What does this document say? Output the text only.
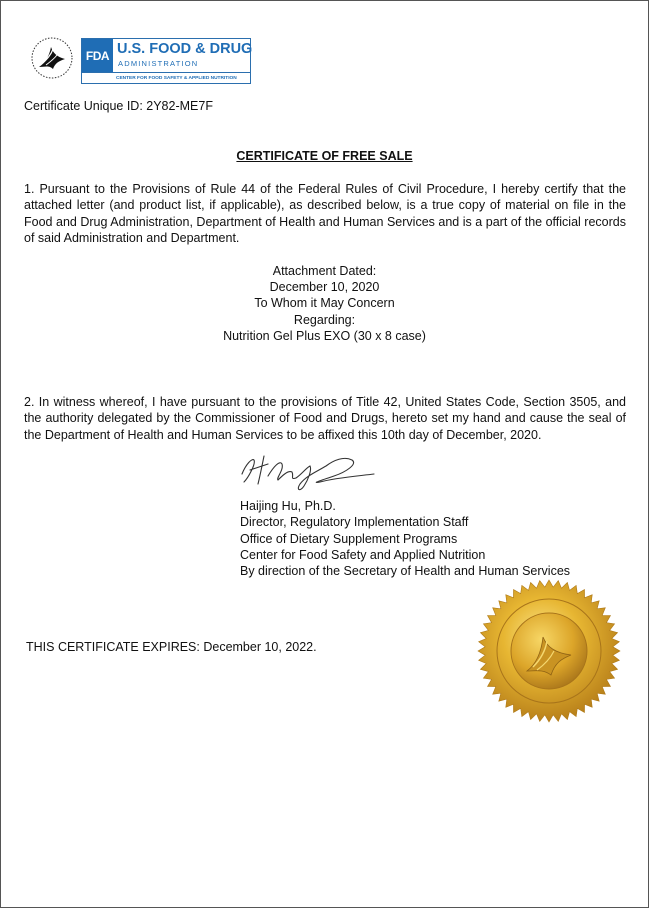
FDA U.S. FOOD & DRUG
ADMINISTRATION
CENTER FOR FOOD SAFETY & APPLIED NUTRITION
Certificate Unique ID: 2Y82-ME7F
CERTIFICATE OF FREE SALE
1. Pursuant to the Provisions of Rule 44 of the Federal Rules of Civil Procedure, I hereby certify that the attached letter (and product list, if applicable), as described below, is a true copy of material on file in the Food and Drug Administration, Department of Health and Human Services and is a part of the official records of said Administration and Department.
Attachment Dated:
December 10, 2020
To Whom it May Concern
Regarding:
Nutrition Gel Plus EXO (30 x 8 case)
2. In witness whereof, I have pursuant to the provisions of Title 42, United States Code, Section 3505, and the authority delegated by the Commissioner of Food and Drugs, hereto set my hand and cause the seal of the Department of Health and Human Services to be affixed this 10th day of December, 2020.
Haijing Hu, Ph.D.
Director, Regulatory Implementation Staff
Office of Dietary Supplement Programs
Center for Food Safety and Applied Nutrition
By direction of the Secretary of Health and Human Services
THIS CERTIFICATE EXPIRES: December 10, 2022.
